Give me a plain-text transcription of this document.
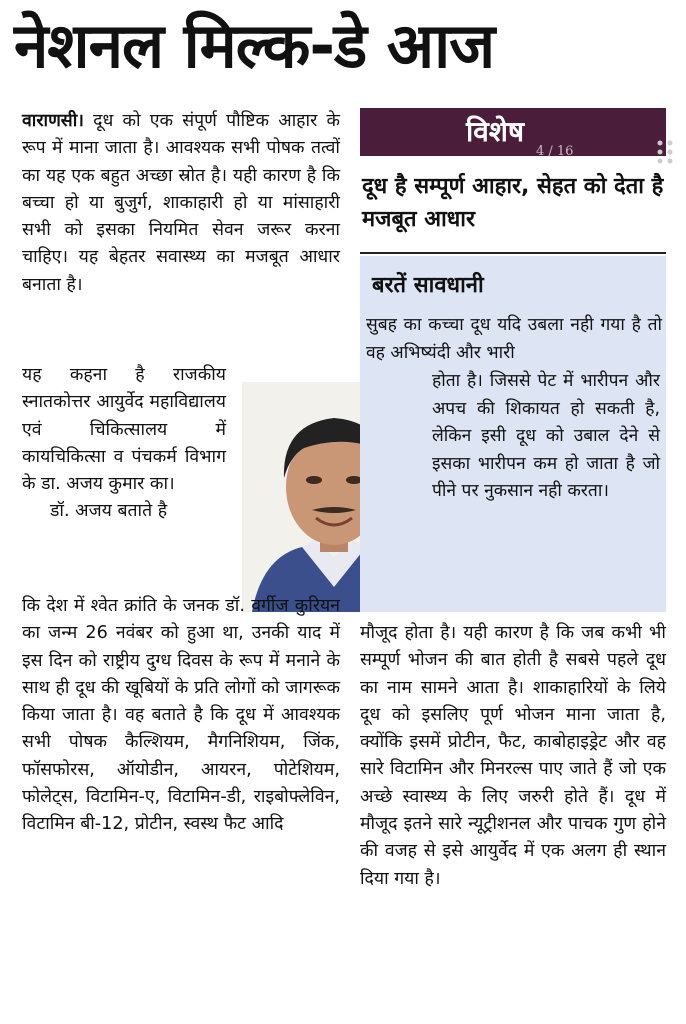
नेशनल मिल्क-डे आज

वाराणसी। दूध को एक संपूर्ण पौष्टिक आहार के रूप में माना जाता है। आवश्यक सभी पोषक तत्वों का यह एक बहुत अच्छा स्रोत है। यही कारण है कि बच्चा हो या बुजुर्ग, शाकाहारी हो या मांसाहारी सभी को इसका नियमित सेवन जरूर करना चाहिए। यह बेहतर सवास्थ्य का मजबूत आधार बनाता है।

यह कहना है राजकीय स्नातकोत्तर आयुर्वेद महाविद्यालय एवं चिकित्सालय में कायचिकित्सा व पंचकर्म विभाग के डा. अजय कुमार का।

डॉ. अजय बताते है

कि देश में श्वेत क्रांति के जनक डॉ. वर्गीज कुरियन का जन्म 26 नवंबर को हुआ था, उनकी याद में इस दिन को राष्ट्रीय दुग्ध दिवस के रूप में मनाने के साथ ही दूध की खूबियों के प्रति लोगों को जागरूक किया जाता है। वह बताते है कि दूध में आवश्यक सभी पोषक कैल्शियम, मैगनिशियम, जिंक, फॉसफोरस, ऑयोडीन, आयरन, पोटेशियम, फोलेट्स, विटामिन-ए, विटामिन-डी, राइबोफ्लेविन, विटामिन बी-12, प्रोटीन, स्वस्थ फैट आदि

विशेष
4 / 16
दूध है सम्पूर्ण आहार, सेहत को देता है मजबूत आधार
बरतें सावधानी

सुबह का कच्चा दूध यदि उबला नही गया है तो वह अभिष्यंदी और भारी

होता है। जिससे पेट में भारीपन और अपच की शिकायत हो सकती है, लेकिन इसी दूध को उबाल देने से इसका भारीपन कम हो जाता है जो पीने पर नुकसान नही करता।

मौजूद होता है। यही कारण है कि जब कभी भी सम्पूर्ण भोजन की बात होती है सबसे पहले दूध का नाम सामने आता है। शाकाहारियों के लिये दूध को इसलिए पूर्ण भोजन माना जाता है, क्योंकि इसमें प्रोटीन, फैट, काबोहाइड्रेट और वह सारे विटामिन और मिनरल्स पाए जाते हैं जो एक अच्छे स्वास्थ्य के लिए जरुरी होते हैं। दूध में मौजूद इतने सारे न्यूट्रीशनल और पाचक गुण होने की वजह से इसे आयुर्वेद में एक अलग ही स्थान दिया गया है।
